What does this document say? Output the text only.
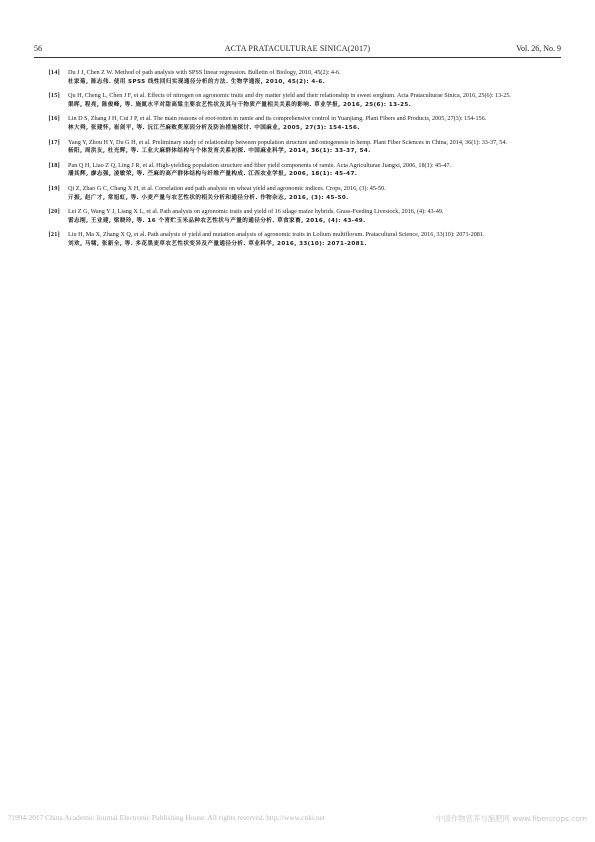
56	ACTA PRATACULTURAE SINICA(2017)	Vol. 26, No. 9
[14] Du J J, Chen Z W. Method of path analysis with SPSS linear regression. Bulletin of Biology, 2010, 45(2): 4-6.
杜家菊, 陈志伟. 使用 SPSS 线性回归实现通径分析的方法. 生物学通报, 2010, 45(2): 4-6.
[15] Qu H, Cheng L, Chen J F, et al. Effects of nitrogen on agronomic traits and dry matter yield and their relationship in sweet sorghum. Acta Prataculturae Sinica, 2016, 25(6): 13-25.
渠晖, 程亮, 陈俊峰, 等. 施氮水平对甜高粱主要农艺性状及其与干物质产量相关关系的影响. 草业学报, 2016, 25(6): 13-25.
[16] Lin D S, Zhang J H, Cui J P, et al. The main reasons of root-rotten in ramie and its comprehensive control in Yuanjiang. Plant Fibers and Products, 2005, 27(3): 154-156.
林大舜, 张建怀, 崔剑平, 等. 沅江苎麻败蔸原因分析及防治措施探讨. 中国麻业, 2005, 27(3): 154-156.
[17] Yang Y, Zhou H Y, Du G H, et al. Preliminary study of relationship between population structure and ontogenesis in hemp. Plant Fiber Sciences in China, 2014, 36(1): 33-37, 54.
杨阳, 周洪友, 杜光辉, 等. 工业大麻群体结构与个体发育关系初探. 中国麻业科学, 2014, 36(1): 33-37, 54.
[18] Pan Q H, Liao Z Q, Ling J R, et al. High-yielding population structure and fiber yield components of ramie. Acta Agriculturae Jiangxi, 2006, 18(1): 45-47.
潘其辉, 廖志强, 凌敏荣, 等. 苎麻的高产群体结构与纤维产量构成. 江西农业学报, 2006, 18(1): 45-47.
[19] Qi Z, Zhao G C, Chang X H, et al. Correlation and path analysis on wheat yield and agronomic indices. Crops, 2016, (3): 45-50.
亓振, 赵广才, 常旭虹, 等. 小麦产量与农艺性状的相关分析和通径分析. 作物杂志, 2016, (3): 45-50.
[20] Lei Z G, Wang Y J, Liang X L, et al. Path analysis on agronomic traits and yield of 16 silage maize hybrids. Grass-Feeding Livestock, 2016, (4): 43-49.
雷志刚, 王业建, 梁晓玲, 等. 16 个青贮玉米品种农艺性状与产量的通径分析. 草食家畜, 2016, (4): 43-49.
[21] Liu H, Ma X, Zhang X Q, et al. Path analysis of yield and mutation analysis of agronomic traits in Lolium multiflorum. Pratacultural Science, 2016, 33(10): 2071-2081.
刘欢, 马啸, 张新全, 等. 多花黑麦草农艺性状变异及产量通径分析. 草业科学, 2016, 33(10): 2071-2081.
?1994-2017 China Academic Journal Electronic Publishing House. All rights reserved. http://www.cnki.net	中国作物营养与施肥网 www.fibercrops.com
